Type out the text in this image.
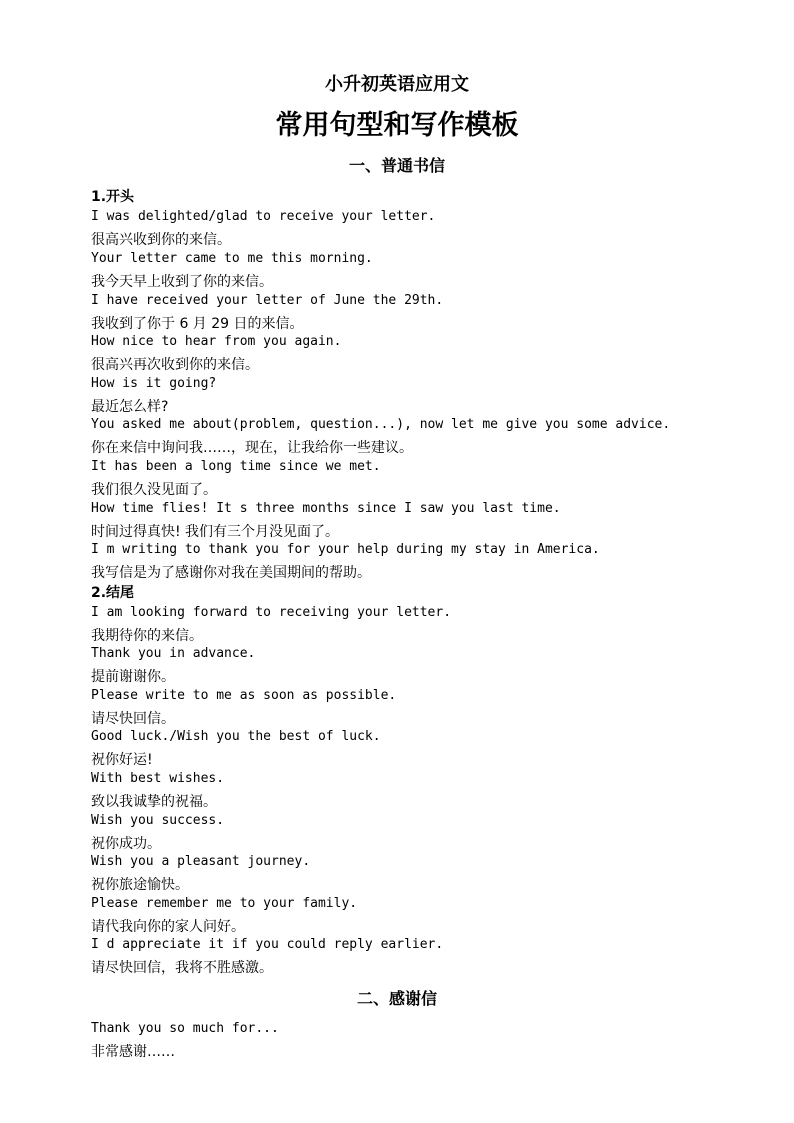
小升初英语应用文
常用句型和写作模板
一、普通书信
1.开头
I was delighted/glad to receive your letter.
很高兴收到你的来信。
Your letter came to me this morning.
我今天早上收到了你的来信。
I have received your letter of June the 29th.
我收到了你于 6 月 29 日的来信。
How nice to hear from you again.
很高兴再次收到你的来信。
How is it going?
最近怎么样?
You asked me about(problem, question...), now let me give you some advice.
你在来信中询问我……，现在，让我给你一些建议。
It has been a long time since we met.
我们很久没见面了。
How time flies! It s three months since I saw you last time.
时间过得真快! 我们有三个月没见面了。
I m writing to thank you for your help during my stay in America.
我写信是为了感谢你对我在美国期间的帮助。
2.结尾
I am looking forward to receiving your letter.
我期待你的来信。
Thank you in advance.
提前谢谢你。
Please write to me as soon as possible.
请尽快回信。
Good luck./Wish you the best of luck.
祝你好运!
With best wishes.
致以我诚挚的祝福。
Wish you success.
祝你成功。
Wish you a pleasant journey.
祝你旅途愉快。
Please remember me to your family.
请代我向你的家人问好。
I d appreciate it if you could reply earlier.
请尽快回信，我将不胜感激。
二、感谢信
Thank you so much for...
非常感谢……
